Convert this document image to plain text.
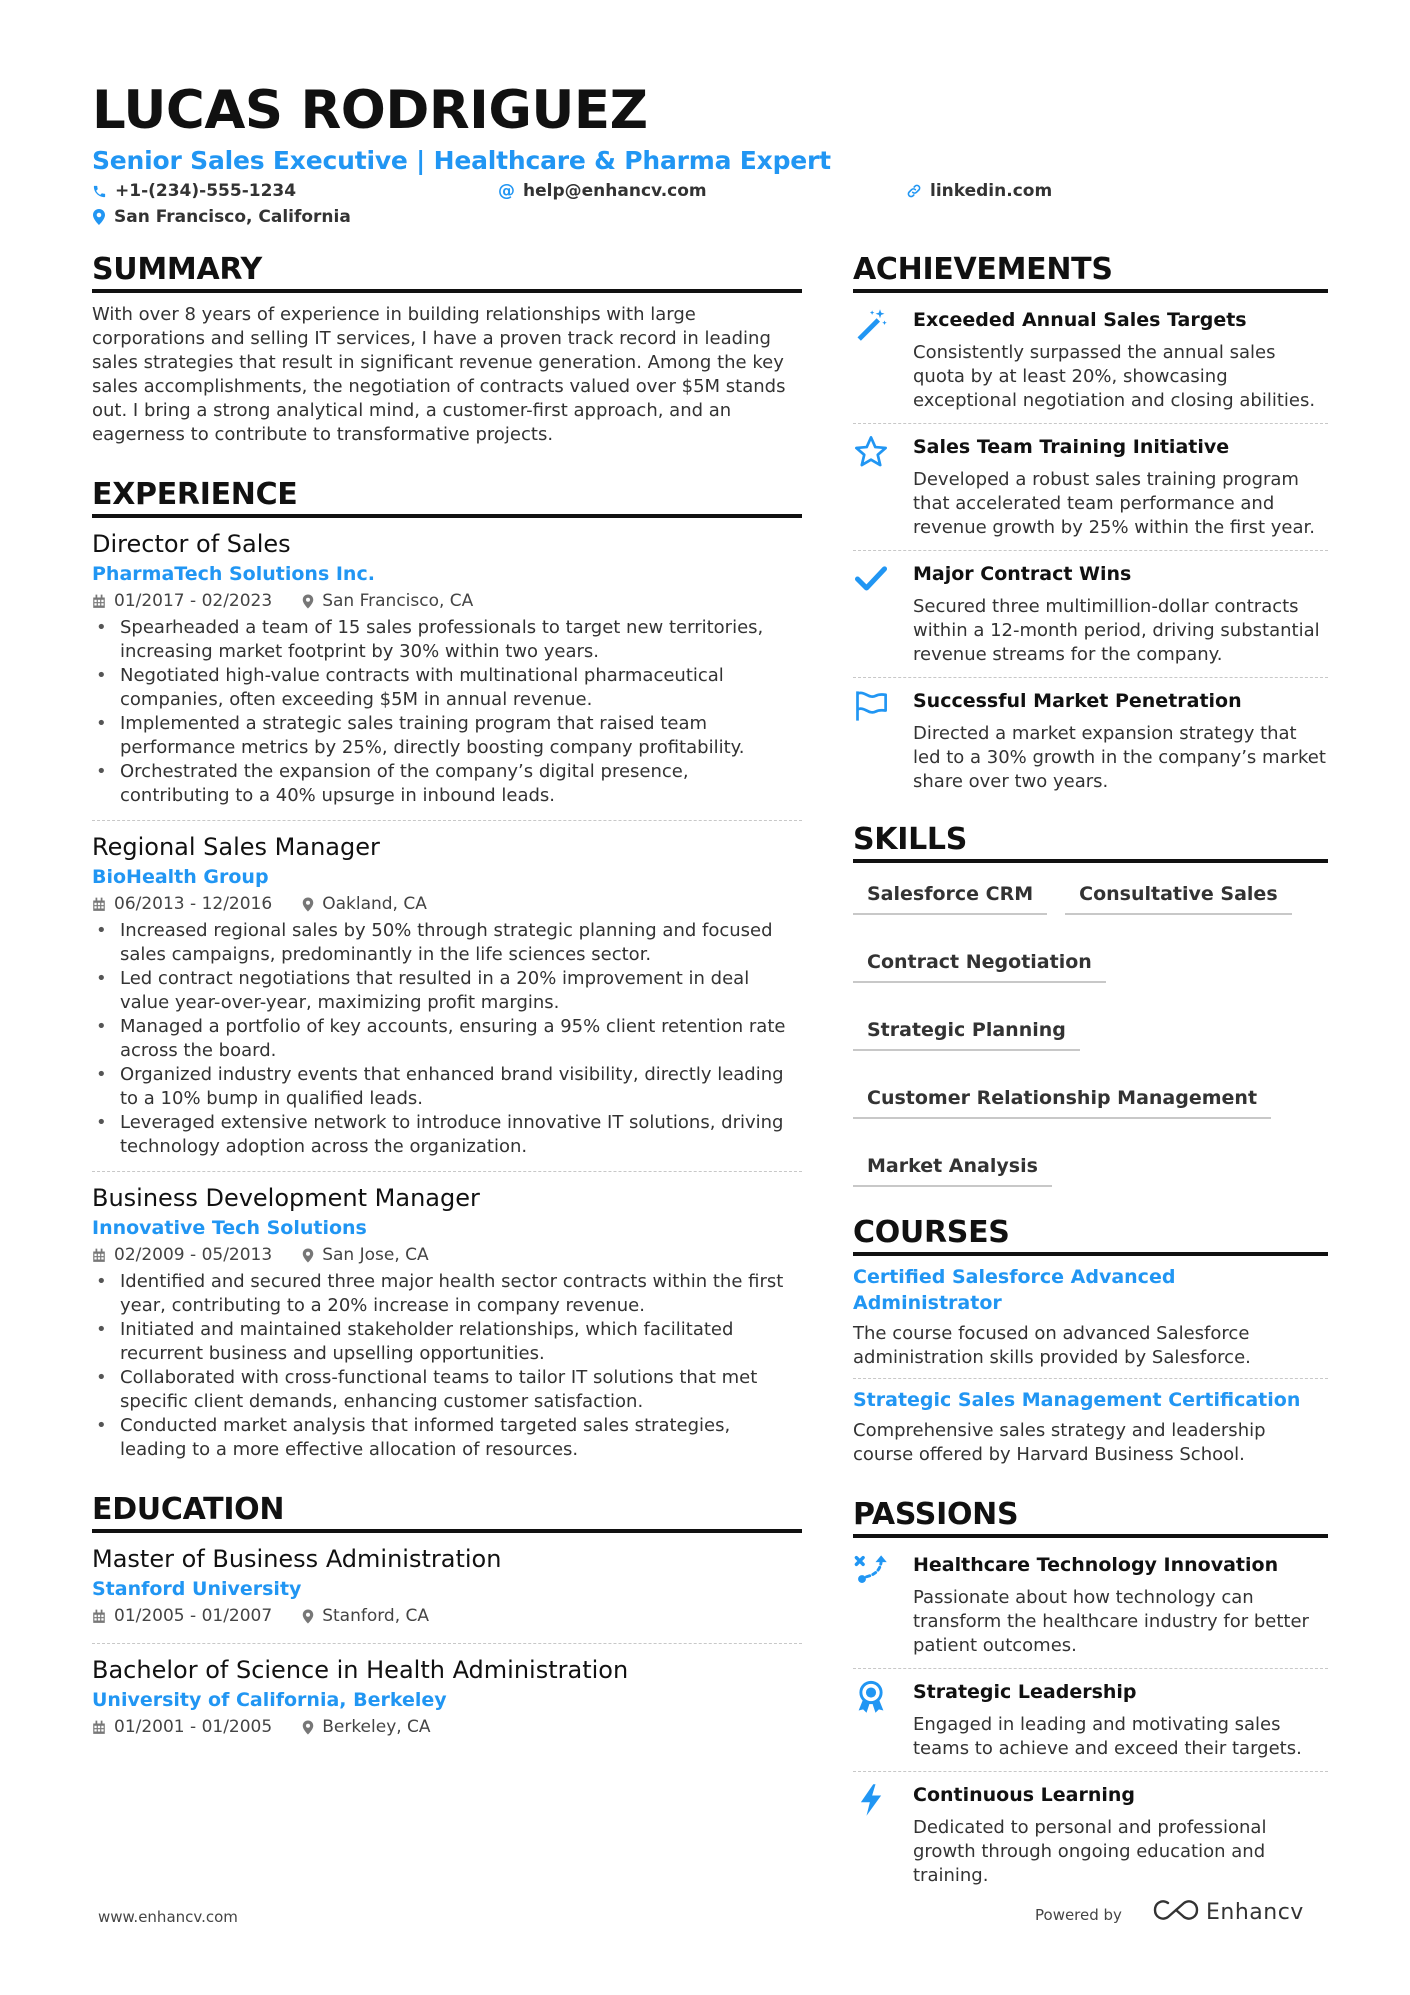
LUCAS RODRIGUEZ
Senior Sales Executive | Healthcare & Pharma Expert
+1-(234)-555-1234	@ help@enhancv.com	linkedin.com
San Francisco, California
SUMMARY
With over 8 years of experience in building relationships with large corporations and selling IT services, I have a proven track record in leading sales strategies that result in significant revenue generation. Among the key sales accomplishments, the negotiation of contracts valued over $5M stands out. I bring a strong analytical mind, a customer-first approach, and an eagerness to contribute to transformative projects.
EXPERIENCE
Director of Sales
PharmaTech Solutions Inc.
01/2017 - 02/2023	San Francisco, CA
• Spearheaded a team of 15 sales professionals to target new territories, increasing market footprint by 30% within two years.
• Negotiated high-value contracts with multinational pharmaceutical companies, often exceeding $5M in annual revenue.
• Implemented a strategic sales training program that raised team performance metrics by 25%, directly boosting company profitability.
• Orchestrated the expansion of the company’s digital presence, contributing to a 40% upsurge in inbound leads.
Regional Sales Manager
BioHealth Group
06/2013 - 12/2016	Oakland, CA
• Increased regional sales by 50% through strategic planning and focused sales campaigns, predominantly in the life sciences sector.
• Led contract negotiations that resulted in a 20% improvement in deal value year-over-year, maximizing profit margins.
• Managed a portfolio of key accounts, ensuring a 95% client retention rate across the board.
• Organized industry events that enhanced brand visibility, directly leading to a 10% bump in qualified leads.
• Leveraged extensive network to introduce innovative IT solutions, driving technology adoption across the organization.
Business Development Manager
Innovative Tech Solutions
02/2009 - 05/2013	San Jose, CA
• Identified and secured three major health sector contracts within the first year, contributing to a 20% increase in company revenue.
• Initiated and maintained stakeholder relationships, which facilitated recurrent business and upselling opportunities.
• Collaborated with cross-functional teams to tailor IT solutions that met specific client demands, enhancing customer satisfaction.
• Conducted market analysis that informed targeted sales strategies, leading to a more effective allocation of resources.
EDUCATION
Master of Business Administration
Stanford University
01/2005 - 01/2007	Stanford, CA
Bachelor of Science in Health Administration
University of California, Berkeley
01/2001 - 01/2005	Berkeley, CA
ACHIEVEMENTS
Exceeded Annual Sales Targets
Consistently surpassed the annual sales quota by at least 20%, showcasing exceptional negotiation and closing abilities.
Sales Team Training Initiative
Developed a robust sales training program that accelerated team performance and revenue growth by 25% within the first year.
Major Contract Wins
Secured three multimillion-dollar contracts within a 12-month period, driving substantial revenue streams for the company.
Successful Market Penetration
Directed a market expansion strategy that led to a 30% growth in the company’s market share over two years.
SKILLS
Salesforce CRM	Consultative Sales
Contract Negotiation
Strategic Planning
Customer Relationship Management
Market Analysis
COURSES
Certified Salesforce Advanced Administrator
The course focused on advanced Salesforce administration skills provided by Salesforce.
Strategic Sales Management Certification
Comprehensive sales strategy and leadership course offered by Harvard Business School.
PASSIONS
Healthcare Technology Innovation
Passionate about how technology can transform the healthcare industry for better patient outcomes.
Strategic Leadership
Engaged in leading and motivating sales teams to achieve and exceed their targets.
Continuous Learning
Dedicated to personal and professional growth through ongoing education and training.
www.enhancv.com	Powered by	Enhancv
